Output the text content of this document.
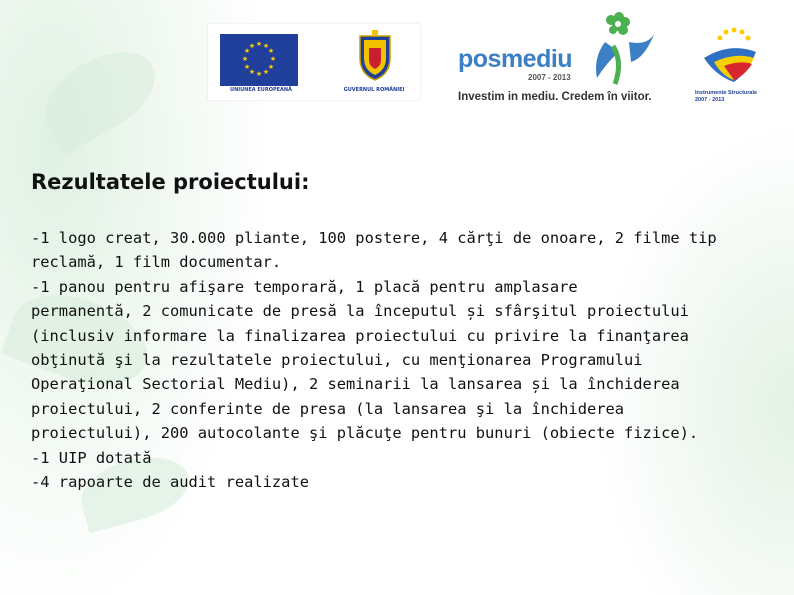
★ ★
★
★
★
★
★
★
★
★
★
★
UNIUNEA EUROPEANĂ	GUVERNUL ROMÂNIEI
posmediu
2007 - 2013
Investim in mediu. Credem în viitor.	Instrumente Structurale
2007 - 2013
Rezultatele proiectului:
-1 logo creat, 30.000 pliante, 100 postere, 4 cărţi de onoare, 2 filme tip
reclamă, 1 film documentar.
-1 panou pentru afişare temporară, 1 placă pentru amplasare
permanentă, 2 comunicate de presă la începutul și sfârşitul proiectului
(inclusiv informare la finalizarea proiectului cu privire la finanţarea
obţinută şi la rezultatele proiectului, cu menţionarea Programului
Operaţional Sectorial Mediu), 2 seminarii la lansarea și la închiderea
proiectului, 2 conferinte de presa (la lansarea şi la închiderea
proiectului), 200 autocolante şi plăcuţe pentru bunuri (obiecte fizice).
-1 UIP dotată
-4 rapoarte de audit realizate
